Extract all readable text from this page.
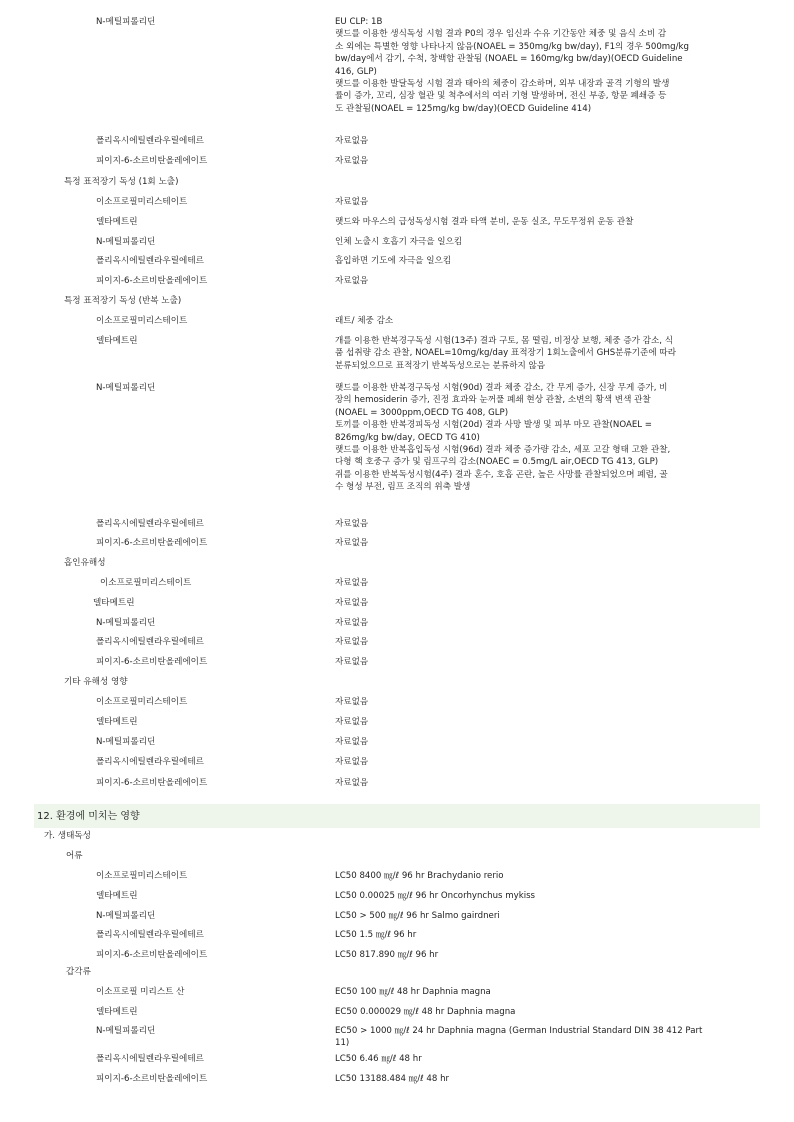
N-메틸피롤리딘	EU CLP: 1B
랫드를 이용한 생식독성 시험 결과 P0의 경우 임신과 수유 기간동안 체중 및 음식 소비 감
소 외에는 특별한 영향 나타나지 않음(NOAEL = 350mg/kg bw/day), F1의 경우 500mg/kg
bw/day에서 감기, 수척, 창백함 관찰됨 (NOAEL = 160mg/kg bw/day)(OECD Guideline
416, GLP)
랫드를 이용한 발달독성 시험 결과 태아의 체중이 감소하며, 외부 내장과 골격 기형의 발생
률이 증가, 꼬리, 심장 혈관 및 척추에서의 여러 기형 발생하며, 전신 부종, 항문 폐쇄증 등
도 관찰됨(NOAEL = 125mg/kg bw/day)(OECD Guideline 414)
폴리옥시에틸렌라우릴에테르	자료없음
피이지-6-소르비탄올레에이트	자료없음
특정 표적장기 독성 (1회 노출)
이소프로필미리스테이트	자료없음
델타메트린	랫드와 마우스의 급성독성시험 결과 타액 분비, 운동 실조, 무도무정위 운동 관찰
N-메틸피롤리딘	인체 노출시 호흡기 자극을 일으킴
폴리옥시에틸렌라우릴에테르	흡입하면 기도에 자극을 일으킴
피이지-6-소르비탄올레에이트	자료없음
특정 표적장기 독성 (반복 노출)
이소프로필미리스테이트	래트/ 체중 감소
델타메트린	개를 이용한 반복경구독성 시험(13주) 결과 구토, 몸 떨림, 비정상 보행, 체중 증가 감소, 식
품 섭취량 감소 관찰, NOAEL=10mg/kg/day 표적장기 1회노출에서 GHS분류기준에 따라
분류되었으므로 표적장기 반복독성으로는 분류하지 않음
N-메틸피롤리딘	랫드를 이용한 반복경구독성 시험(90d) 결과 체중 감소, 간 무게 증가, 신장 무게 증가, 비
장의 hemosiderin 증가, 진정 효과와 눈꺼풀 폐쇄 현상 관찰, 소변의 황색 변색 관찰
(NOAEL = 3000ppm,OECD TG 408, GLP)
토끼를 이용한 반복경피독성 시험(20d) 결과 사망 발생 및 피부 마모 관찰(NOAEL =
826mg/kg bw/day, OECD TG 410)
랫드를 이용한 반복흡입독성 시험(96d) 결과 체중 증가량 감소, 세포 고갈 형태 고환 관찰,
다형 핵 호중구 증가 및 림프구의 감소(NOAEC = 0.5mg/L air,OECD TG 413, GLP)
쥐를 이용한 반복독성시험(4주) 결과 혼수, 호흡 곤란, 높은 사망률 관찰되었으며 폐렴, 골
수 형성 부전, 림프 조직의 위축 발생
폴리옥시에틸렌라우릴에테르	자료없음
피이지-6-소르비탄올레에이트	자료없음
흡인유해성
이소프로필미리스테이트	자료없음
델타메트린	자료없음
N-메틸피롤리딘	자료없음
폴리옥시에틸렌라우릴에테르	자료없음
피이지-6-소르비탄올레에이트	자료없음
기타 유해성 영향
이소프로필미리스테이트	자료없음
델타메트린	자료없음
N-메틸피롤리딘	자료없음
폴리옥시에틸렌라우릴에테르	자료없음
피이지-6-소르비탄올레에이트	자료없음
12. 환경에 미치는 영향
가. 생태독성
어류
이소프로필미리스테이트	LC50 8400 ㎎/ℓ 96 hr Brachydanio rerio
델타메트린	LC50 0.00025 ㎎/ℓ 96 hr Oncorhynchus mykiss
N-메틸피롤리딘	LC50 > 500 ㎎/ℓ 96 hr Salmo gairdneri
폴리옥시에틸렌라우릴에테르	LC50 1.5 ㎎/ℓ 96 hr
피이지-6-소르비탄올레에이트	LC50 817.890 ㎎/ℓ 96 hr
갑각류
이소프로필 미리스트 산	EC50 100 ㎎/ℓ 48 hr Daphnia magna
델타메트린	EC50 0.000029 ㎎/ℓ 48 hr Daphnia magna
N-메틸피롤리딘	EC50 > 1000 ㎎/ℓ 24 hr Daphnia magna (German Industrial Standard DIN 38 412 Part
11)
폴리옥시에틸렌라우릴에테르	LC50 6.46 ㎎/ℓ 48 hr
피이지-6-소르비탄올레에이트	LC50 13188.484 ㎎/ℓ 48 hr
